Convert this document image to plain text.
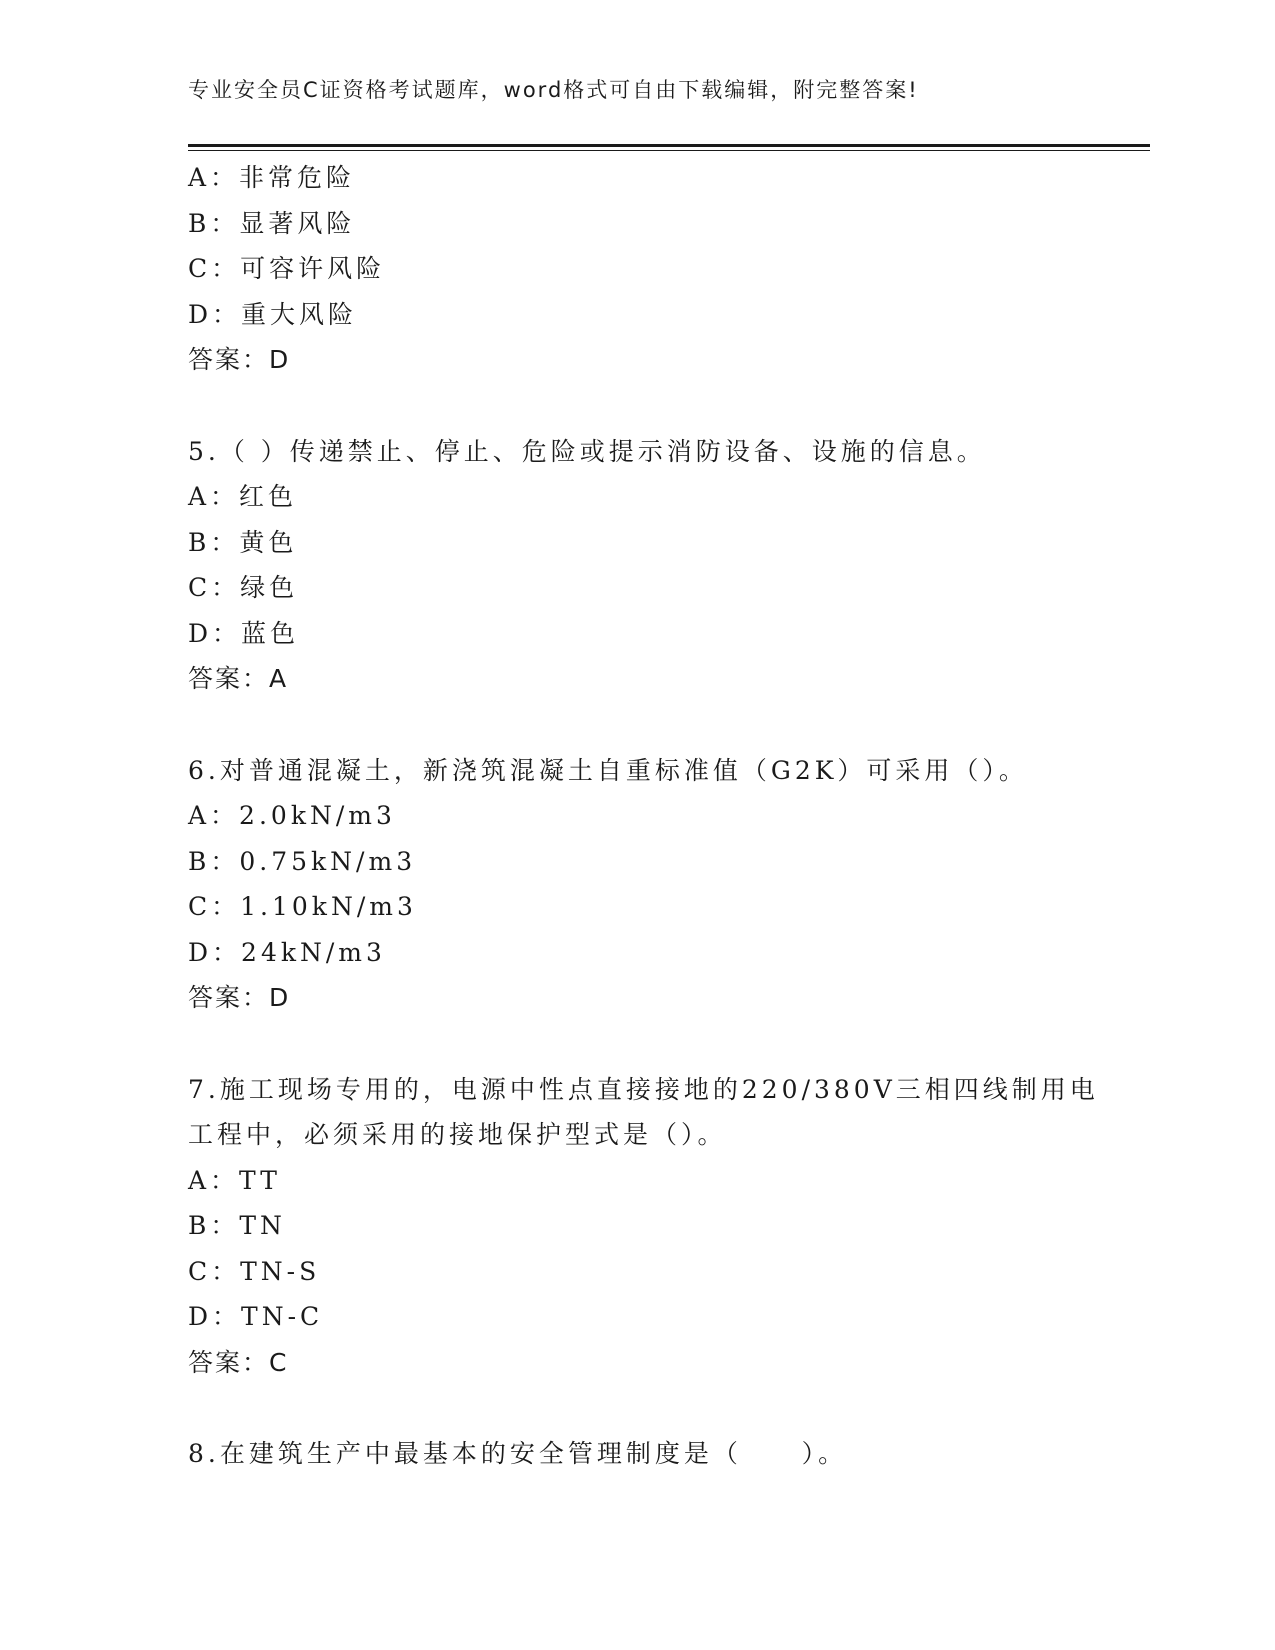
专业安全员C证资格考试题库，word格式可自由下载编辑，附完整答案!
A：非常危险
B：显著风险
C：可容许风险
D：重大风险
答案：D
5.（ ）传递禁止、停止、危险或提示消防设备、设施的信息。
A：红色
B：黄色
C：绿色
D：蓝色
答案：A
6.对普通混凝土，新浇筑混凝土自重标准值（G2K）可采用（）。
A：2.0kN/m3
B：0.75kN/m3
C：1.10kN/m3
D：24kN/m3
答案：D
7.施工现场专用的，电源中性点直接接地的220/380V三相四线制用电
工程中，必须采用的接地保护型式是（）。
A：TT
B：TN
C：TN-S
D：TN-C
答案：C
8.在建筑生产中最基本的安全管理制度是（     ）。
